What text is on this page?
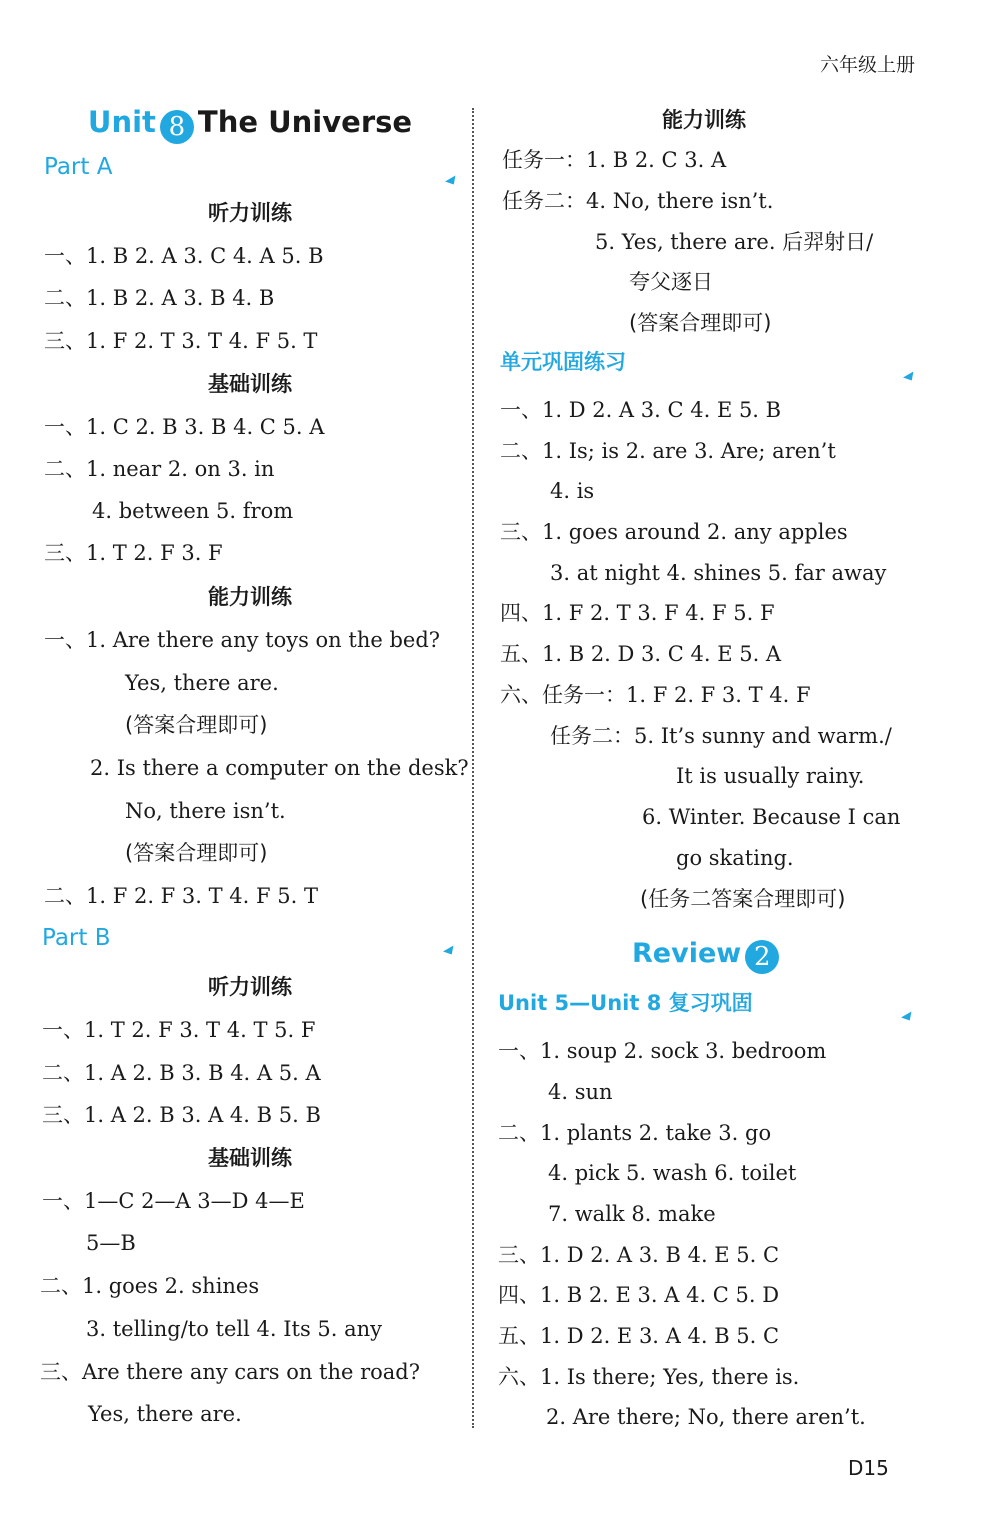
六年级上册
Unit 8 The Universe
Part A
听力训练
一、1. B 2. A 3. C 4. A 5. B
二、1. B 2. A 3. B 4. B
三、1. F 2. T 3. T 4. F 5. T
基础训练
一、1. C 2. B 3. B 4. C 5. A
二、1. near 2. on 3. in
4. between 5. from
三、1. T 2. F 3. F
能力训练
一、1. Are there any toys on the bed?
Yes, there are.
(答案合理即可)
2. Is there a computer on the desk?
No, there isn’t.
(答案合理即可)
二、1. F 2. F 3. T 4. F 5. T
Part B
听力训练
一、1. T 2. F 3. T 4. T 5. F
二、1. A 2. B 3. B 4. A 5. A
三、1. A 2. B 3. A 4. B 5. B
基础训练
一、1—C 2—A 3—D 4—E
5—B
二、1. goes 2. shines
3. telling/to tell 4. Its 5. any
三、Are there any cars on the road?
Yes, there are.
能力训练
任务一：1. B 2. C 3. A
任务二：4. No, there isn’t.
5. Yes, there are. 后羿射日/
夸父逐日
(答案合理即可)
单元巩固练习
一、1. D 2. A 3. C 4. E 5. B
二、1. Is; is 2. are 3. Are; aren’t
4. is
三、1. goes around 2. any apples
3. at night 4. shines 5. far away
四、1. F 2. T 3. F 4. F 5. F
五、1. B 2. D 3. C 4. E 5. A
六、任务一：1. F 2. F 3. T 4. F
任务二：5. It’s sunny and warm./
It is usually rainy.
6. Winter. Because I can
go skating.
(任务二答案合理即可)
Review 2
Unit 5—Unit 8 复习巩固
一、1. soup 2. sock 3. bedroom
4. sun
二、1. plants 2. take 3. go
4. pick 5. wash 6. toilet
7. walk 8. make
三、1. D 2. A 3. B 4. E 5. C
四、1. B 2. E 3. A 4. C 5. D
五、1. D 2. E 3. A 4. B 5. C
六、1. Is there; Yes, there is.
2. Are there; No, there aren’t.
D15
